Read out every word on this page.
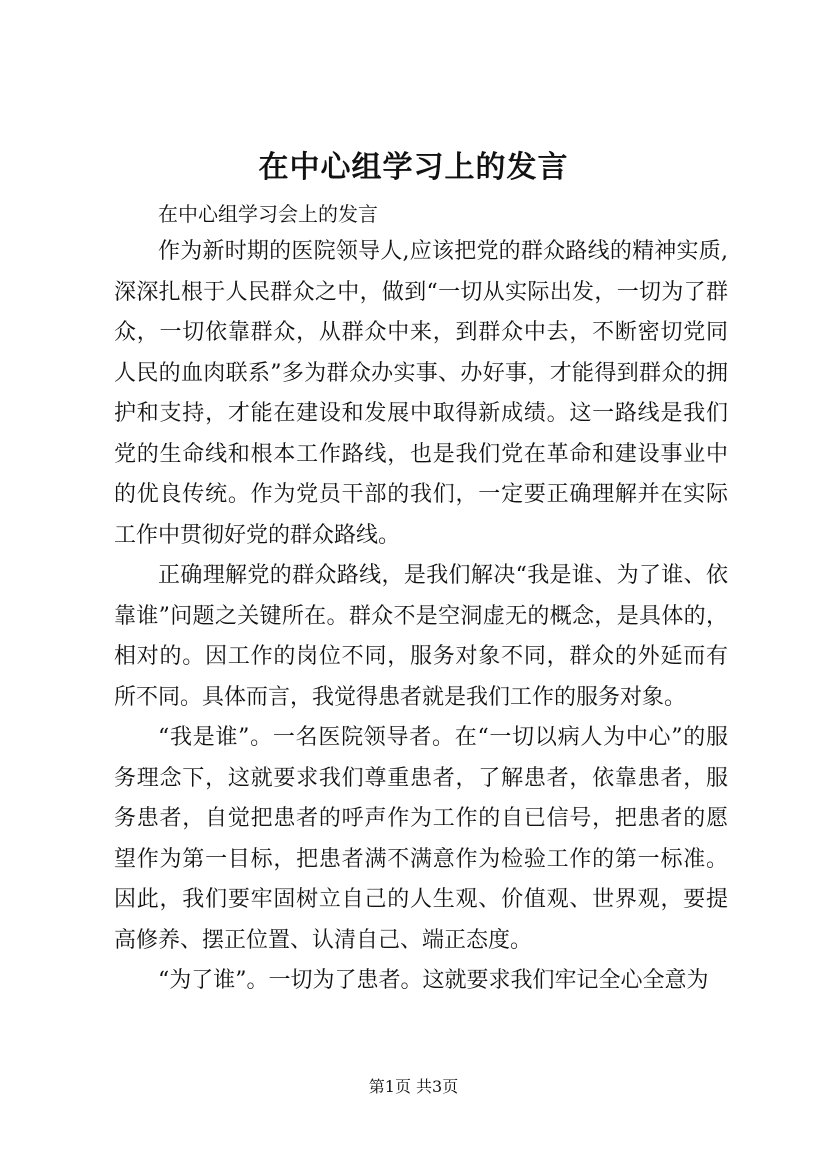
在中心组学习上的发言

在中心组学习会上的发言

作为新时期的医院领导人,应该把党的群众路线的精神实质,深深扎根于人民群众之中，做到“一切从实际出发，一切为了群众，一切依靠群众，从群众中来，到群众中去，不断密切党同人民的血肉联系”多为群众办实事、办好事，才能得到群众的拥护和支持，才能在建设和发展中取得新成绩。这一路线是我们党的生命线和根本工作路线，也是我们党在革命和建设事业中的优良传统。作为党员干部的我们，一定要正确理解并在实际工作中贯彻好党的群众路线。

正确理解党的群众路线，是我们解决“我是谁、为了谁、依靠谁”问题之关键所在。群众不是空洞虚无的概念，是具体的，相对的。因工作的岗位不同，服务对象不同，群众的外延而有所不同。具体而言，我觉得患者就是我们工作的服务对象。

“我是谁”。一名医院领导者。在“一切以病人为中心”的服务理念下，这就要求我们尊重患者，了解患者，依靠患者，服务患者，自觉把患者的呼声作为工作的自已信号，把患者的愿望作为第一目标，把患者满不满意作为检验工作的第一标准。因此，我们要牢固树立自己的人生观、价值观、世界观，要提高修养、摆正位置、认清自己、端正态度。

“为了谁”。一切为了患者。这就要求我们牢记全心全意为

第1页 共3页
